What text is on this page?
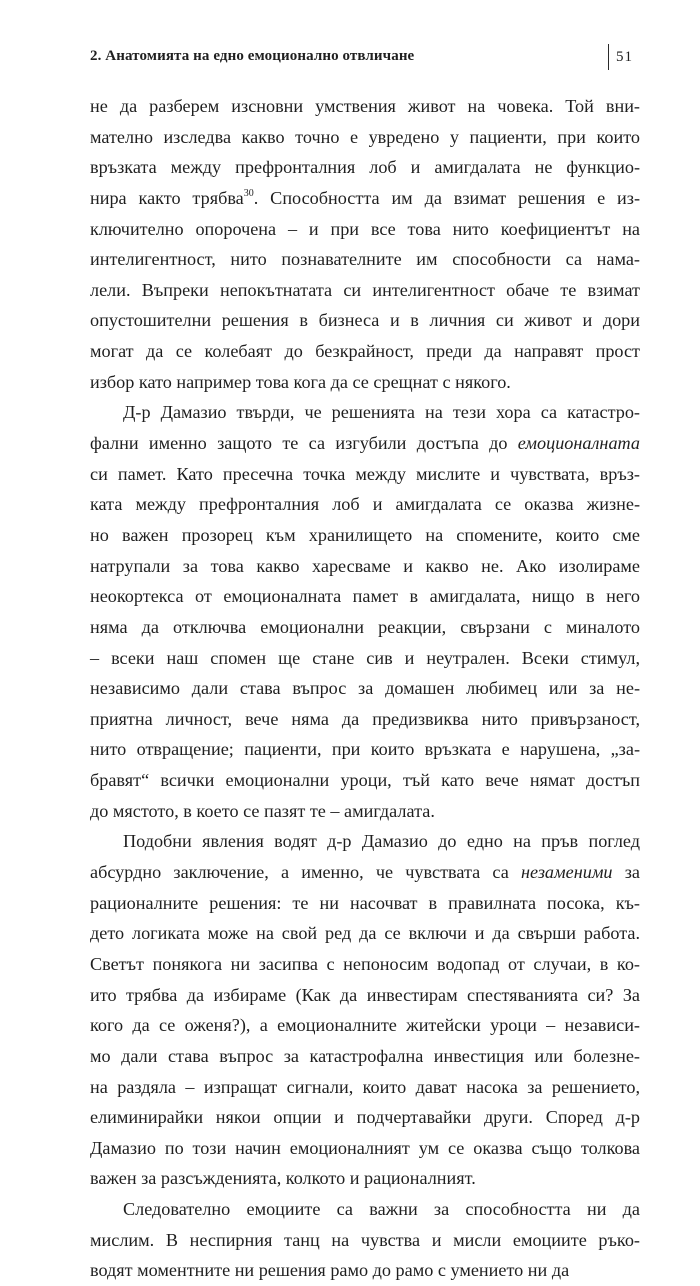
2. Анатомията на едно емоционално отвличане	51
не да разберем изсновни умствения живот на човека. Той вни-
мателно изследва какво точно е увредено у пациенти, при които
връзката между префронталния лоб и амигдалата не функцио-
нира както трябва$^{30}$. Способността им да взимат решения е из-
ключително опорочена – и при все това нито коефициентът на
интелигентност, нито познавателните им способности са нама-
лели. Въпреки непокътнатата си интелигентност обаче те взимат
опустошителни решения в бизнеса и в личния си живот и дори
могат да се колебаят до безкрайност, преди да направят прост
избор като например това кога да се срещнат с някого.
Д-р Дамазио твърди, че решенията на тези хора са катастро-
фални именно защото те са изгубили достъпа до емоционалната
си памет. Като пресечна точка между мислите и чувствата, връз-
ката между префронталния лоб и амигдалата се оказва жизне-
но важен прозорец към хранилището на спомените, които сме
натрупали за това какво харесваме и какво не. Ако изолираме
неокортекса от емоционалната памет в амигдалата, нищо в него
няма да отключва емоционални реакции, свързани с миналото
– всеки наш спомен ще стане сив и неутрален. Всеки стимул,
независимо дали става въпрос за домашен любимец или за не-
приятна личност, вече няма да предизвиква нито привързаност,
нито отвращение; пациенти, при които връзката е нарушена, „за-
бравят“ всички емоционални уроци, тъй като вече нямат достъп
до мястото, в което се пазят те – амигдалата.
Подобни явления водят д-р Дамазио до едно на пръв поглед
абсурдно заключение, а именно, че чувствата са незаменими за
рационалните решения: те ни насочват в правилната посока, къ-
дето логиката може на свой ред да се включи и да свърши работа.
Светът понякога ни засипва с непоносим водопад от случаи, в ко-
ито трябва да избираме (Как да инвестирам спестяванията си? За
кого да се оженя?), а емоционалните житейски уроци – независи-
мо дали става въпрос за катастрофална инвестиция или болезне-
на раздяла – изпращат сигнали, които дават насока за решението,
елиминирайки някои опции и подчертавайки други. Според д-р
Дамазио по този начин емоционалният ум се оказва също толкова
важен за разсъжденията, колкото и рационалният.
Следователно емоциите са важни за способността ни да
мислим. В неспирния танц на чувства и мисли емоциите ръко-
водят моментните ни решения рамо до рамо с умението ни да
